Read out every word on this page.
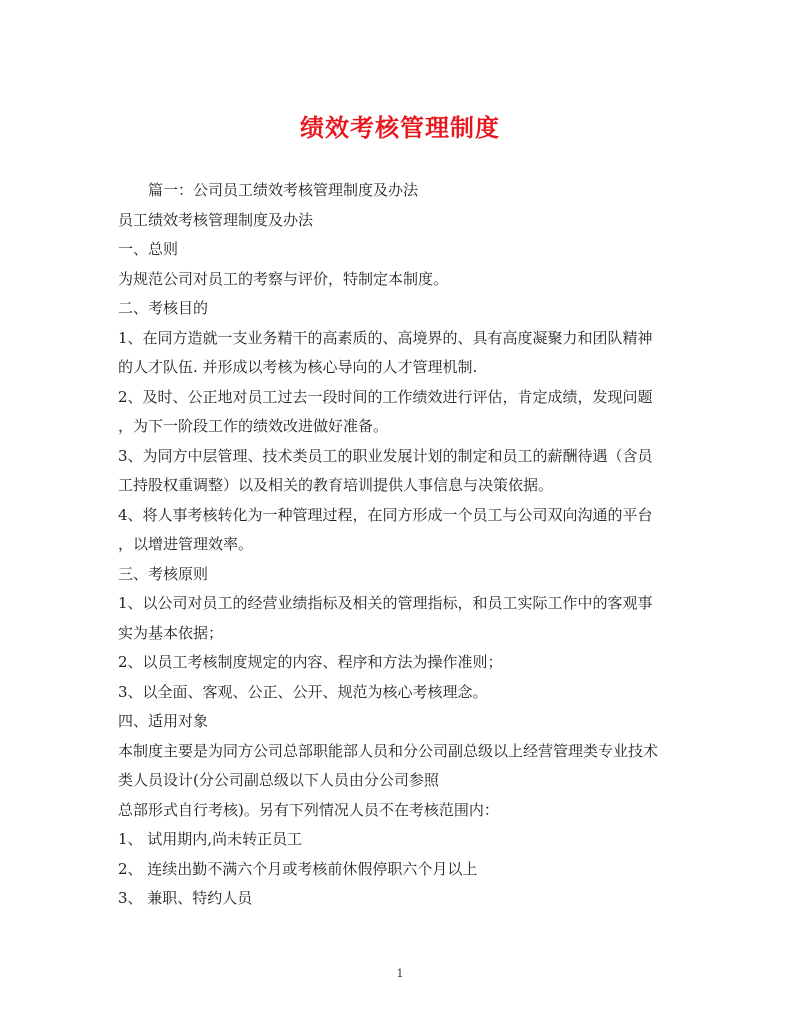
绩效考核管理制度
篇一：公司员工绩效考核管理制度及办法
员工绩效考核管理制度及办法
一、总则
为规范公司对员工的考察与评价，特制定本制度。
二、考核目的
1、在同方造就一支业务精干的高素质的、高境界的、具有高度凝聚力和团队精神
的人才队伍. 并形成以考核为核心导向的人才管理机制.
2、及时、公正地对员工过去一段时间的工作绩效进行评估，肯定成绩，发现问题
，为下一阶段工作的绩效改进做好准备。
3、为同方中层管理、技术类员工的职业发展计划的制定和员工的薪酬待遇（含员
工持股权重调整）以及相关的教育培训提供人事信息与决策依据。
4、将人事考核转化为一种管理过程，在同方形成一个员工与公司双向沟通的平台
，以增进管理效率。
三、考核原则
1、以公司对员工的经营业绩指标及相关的管理指标，和员工实际工作中的客观事
实为基本依据；
2、以员工考核制度规定的内容、程序和方法为操作准则；
3、以全面、客观、公正、公开、规范为核心考核理念。
四、适用对象
本制度主要是为同方公司总部职能部人员和分公司副总级以上经营管理类专业技术
类人员设计(分公司副总级以下人员由分公司参照
总部形式自行考核)。另有下列情况人员不在考核范围内：
1、 试用期内,尚未转正员工
2、 连续出勤不满六个月或考核前休假停职六个月以上
3、 兼职、特约人员
1
